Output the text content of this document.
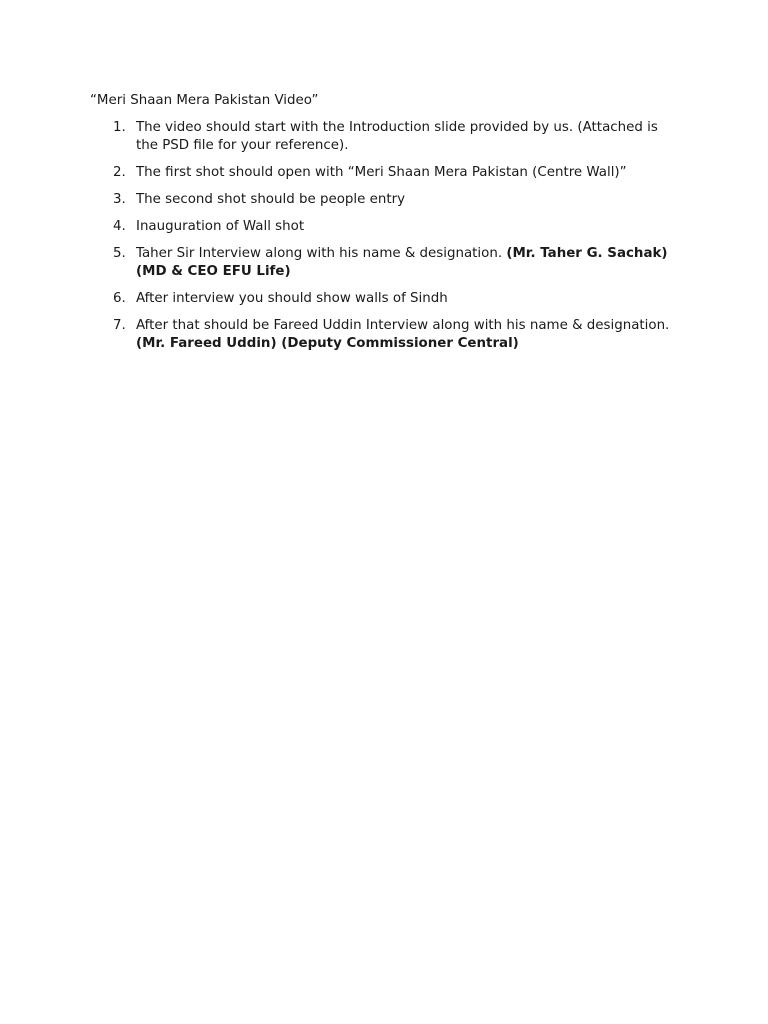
“Meri Shaan Mera Pakistan Video”
1. The video should start with the Introduction slide provided by us. (Attached is the PSD file for your reference).
2. The first shot should open with “Meri Shaan Mera Pakistan (Centre Wall)”
3. The second shot should be people entry
4. Inauguration of Wall shot
5. Taher Sir Interview along with his name & designation. (Mr. Taher G. Sachak) (MD & CEO EFU Life)
6. After interview you should show walls of Sindh
7. After that should be Fareed Uddin Interview along with his name & designation. (Mr. Fareed Uddin) (Deputy Commissioner Central)
